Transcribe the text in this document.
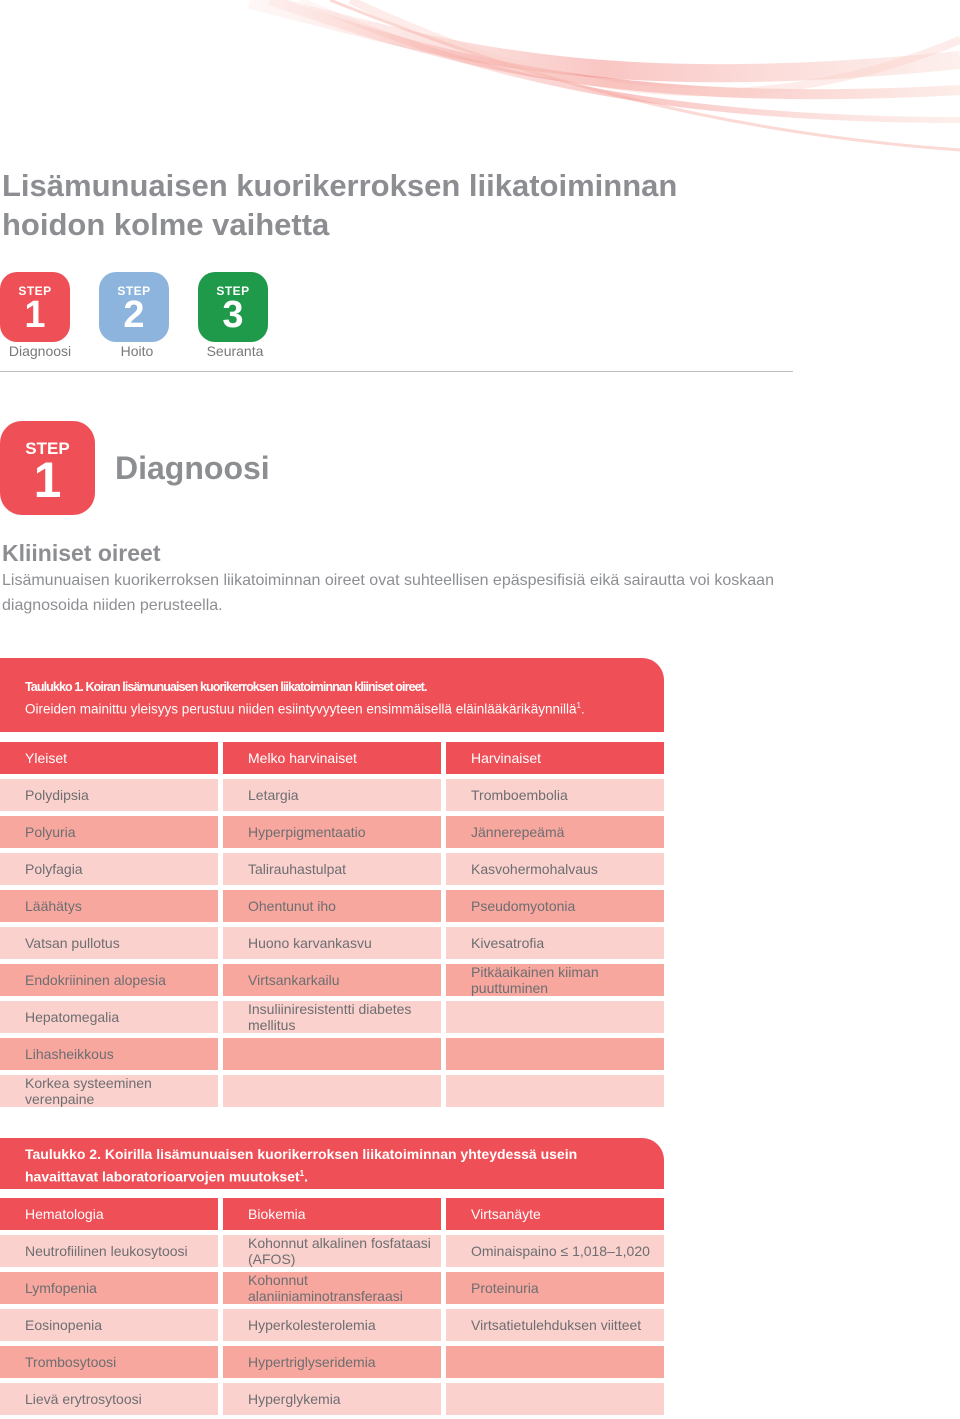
Lisämunuaisen kuorikerroksen liikatoiminnan hoidon kolme vaihetta
STEP
1
Diagnoosi
STEP
2
Hoito
STEP
3
Seuranta
STEP
1	Diagnoosi
Kliiniset oireet

Lisämunuaisen kuorikerroksen liikatoiminnan oireet ovat suhteellisen epäspesifisiä eikä sairautta voi koskaan diagnosoida niiden perusteella.

Taulukko 1. Koiran lisämunuaisen kuorikerroksen liikatoiminnan kliiniset oireet.
Oireiden mainittu yleisyys perustuu niiden esiintyvyyteen ensimmäisellä eläinlääkärikäynnillä$^1$.
Yleiset	Melko harvinaiset	Harvinaiset
Polydipsia	Letargia	Tromboembolia
Polyuria	Hyperpigmentaatio	Jännerepeämä
Polyfagia	Talirauhastulpat	Kasvohermohalvaus
Läähätys	Ohentunut iho	Pseudomyotonia
Vatsan pullotus	Huono karvankasvu	Kivesatrofia
Endokriininen alopesia	Virtsankarkailu	Pitkäaikainen kiiman puuttuminen
Hepatomegalia	Insuliiniresistentti diabetes mellitus
Lihasheikkous
Korkea systeeminen verenpaine
Taulukko 2. Koirilla lisämunuaisen kuorikerroksen liikatoiminnan yhteydessä usein havaittavat laboratorioarvojen muutokset$^1$.
Hematologia	Biokemia	Virtsanäyte
Neutrofiilinen leukosytoosi	Kohonnut alkalinen fosfataasi (AFOS)	Ominaispaino ≤ 1,018–1,020
Lymfopenia	Kohonnut alaniiniaminotransferaasi	Proteinuria
Eosinopenia	Hyperkolesterolemia	Virtsatietulehduksen viitteet
Trombosytoosi	Hypertriglyseridemia
Lievä erytrosytoosi	Hyperglykemia
